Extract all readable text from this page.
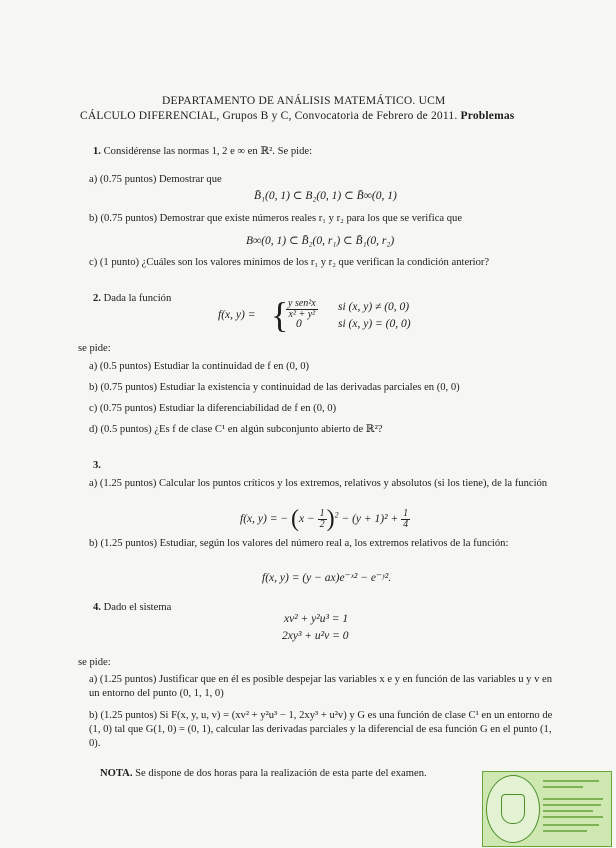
DEPARTAMENTO DE ANÁLISIS MATEMÁTICO. UCM
CÁLCULO DIFERENCIAL, Grupos B y C, Convocatoria de Febrero de 2011. Problemas
1. Considérense las normas 1, 2 e ∞ en ℝ². Se pide:
a) (0.75 puntos) Demostrar que
B̄₁(0, 1) ⊂ B₂(0, 1) ⊂ B̄∞(0, 1)
b) (0.75 puntos) Demostrar que existe números reales r₁ y r₂ para los que se verifica que
B∞(0, 1) ⊂ B̄₂(0, r₁) ⊂ B̄₁(0, r₂)
c) (1 punto) ¿Cuáles son los valores mínimos de los r₁ y r₂ que verifican la condición anterior?
2. Dada la función
f(x, y) = {
$\frac{\text{y sen²x}}{\text{x² + y²}}$ si (x, y) ≠ (0, 0)
0	si (x, y) = (0, 0)
se pide:
a) (0.5 puntos) Estudiar la continuidad de f en (0, 0)
b) (0.75 puntos) Estudiar la existencia y continuidad de las derivadas parciales en (0, 0)
c) (0.75 puntos) Estudiar la diferenciabilidad de f en (0, 0)
d) (0.5 puntos) ¿Es f de clase C¹ en algún subconjunto abierto de ℝ²?
3.
a) (1.25 puntos) Calcular los puntos críticos y los extremos, relativos y absolutos (si los tiene), de la función
f(x, y) = − $(x - \frac{1}{2} )^2 - (y + 1)^2 + \frac{1}{4}$
b) (1.25 puntos) Estudiar, según los valores del número real a, los extremos relativos de la función:
f(x, y) = (y − ax)e⁻ˣ² − e⁻ʸ².
4. Dado el sistema
xv² + y²u³ = 1
2xy³ + u²v = 0
se pide:
a) (1.25 puntos) Justificar que en él es posible despejar las variables x e y en función de las variables u y v en un entorno del punto (0, 1, 1, 0)
b) (1.25 puntos) Si F(x, y, u, v) = (xv² + y²u³ − 1, 2xy³ + u²v) y G es una función de clase C¹ en un entorno de (1, 0) tal que G(1, 0) = (0, 1), calcular las derivadas parciales y la diferencial de esa función G en el punto (1, 0).
NOTA. Se dispone de dos horas para la realización de esta parte del examen.
